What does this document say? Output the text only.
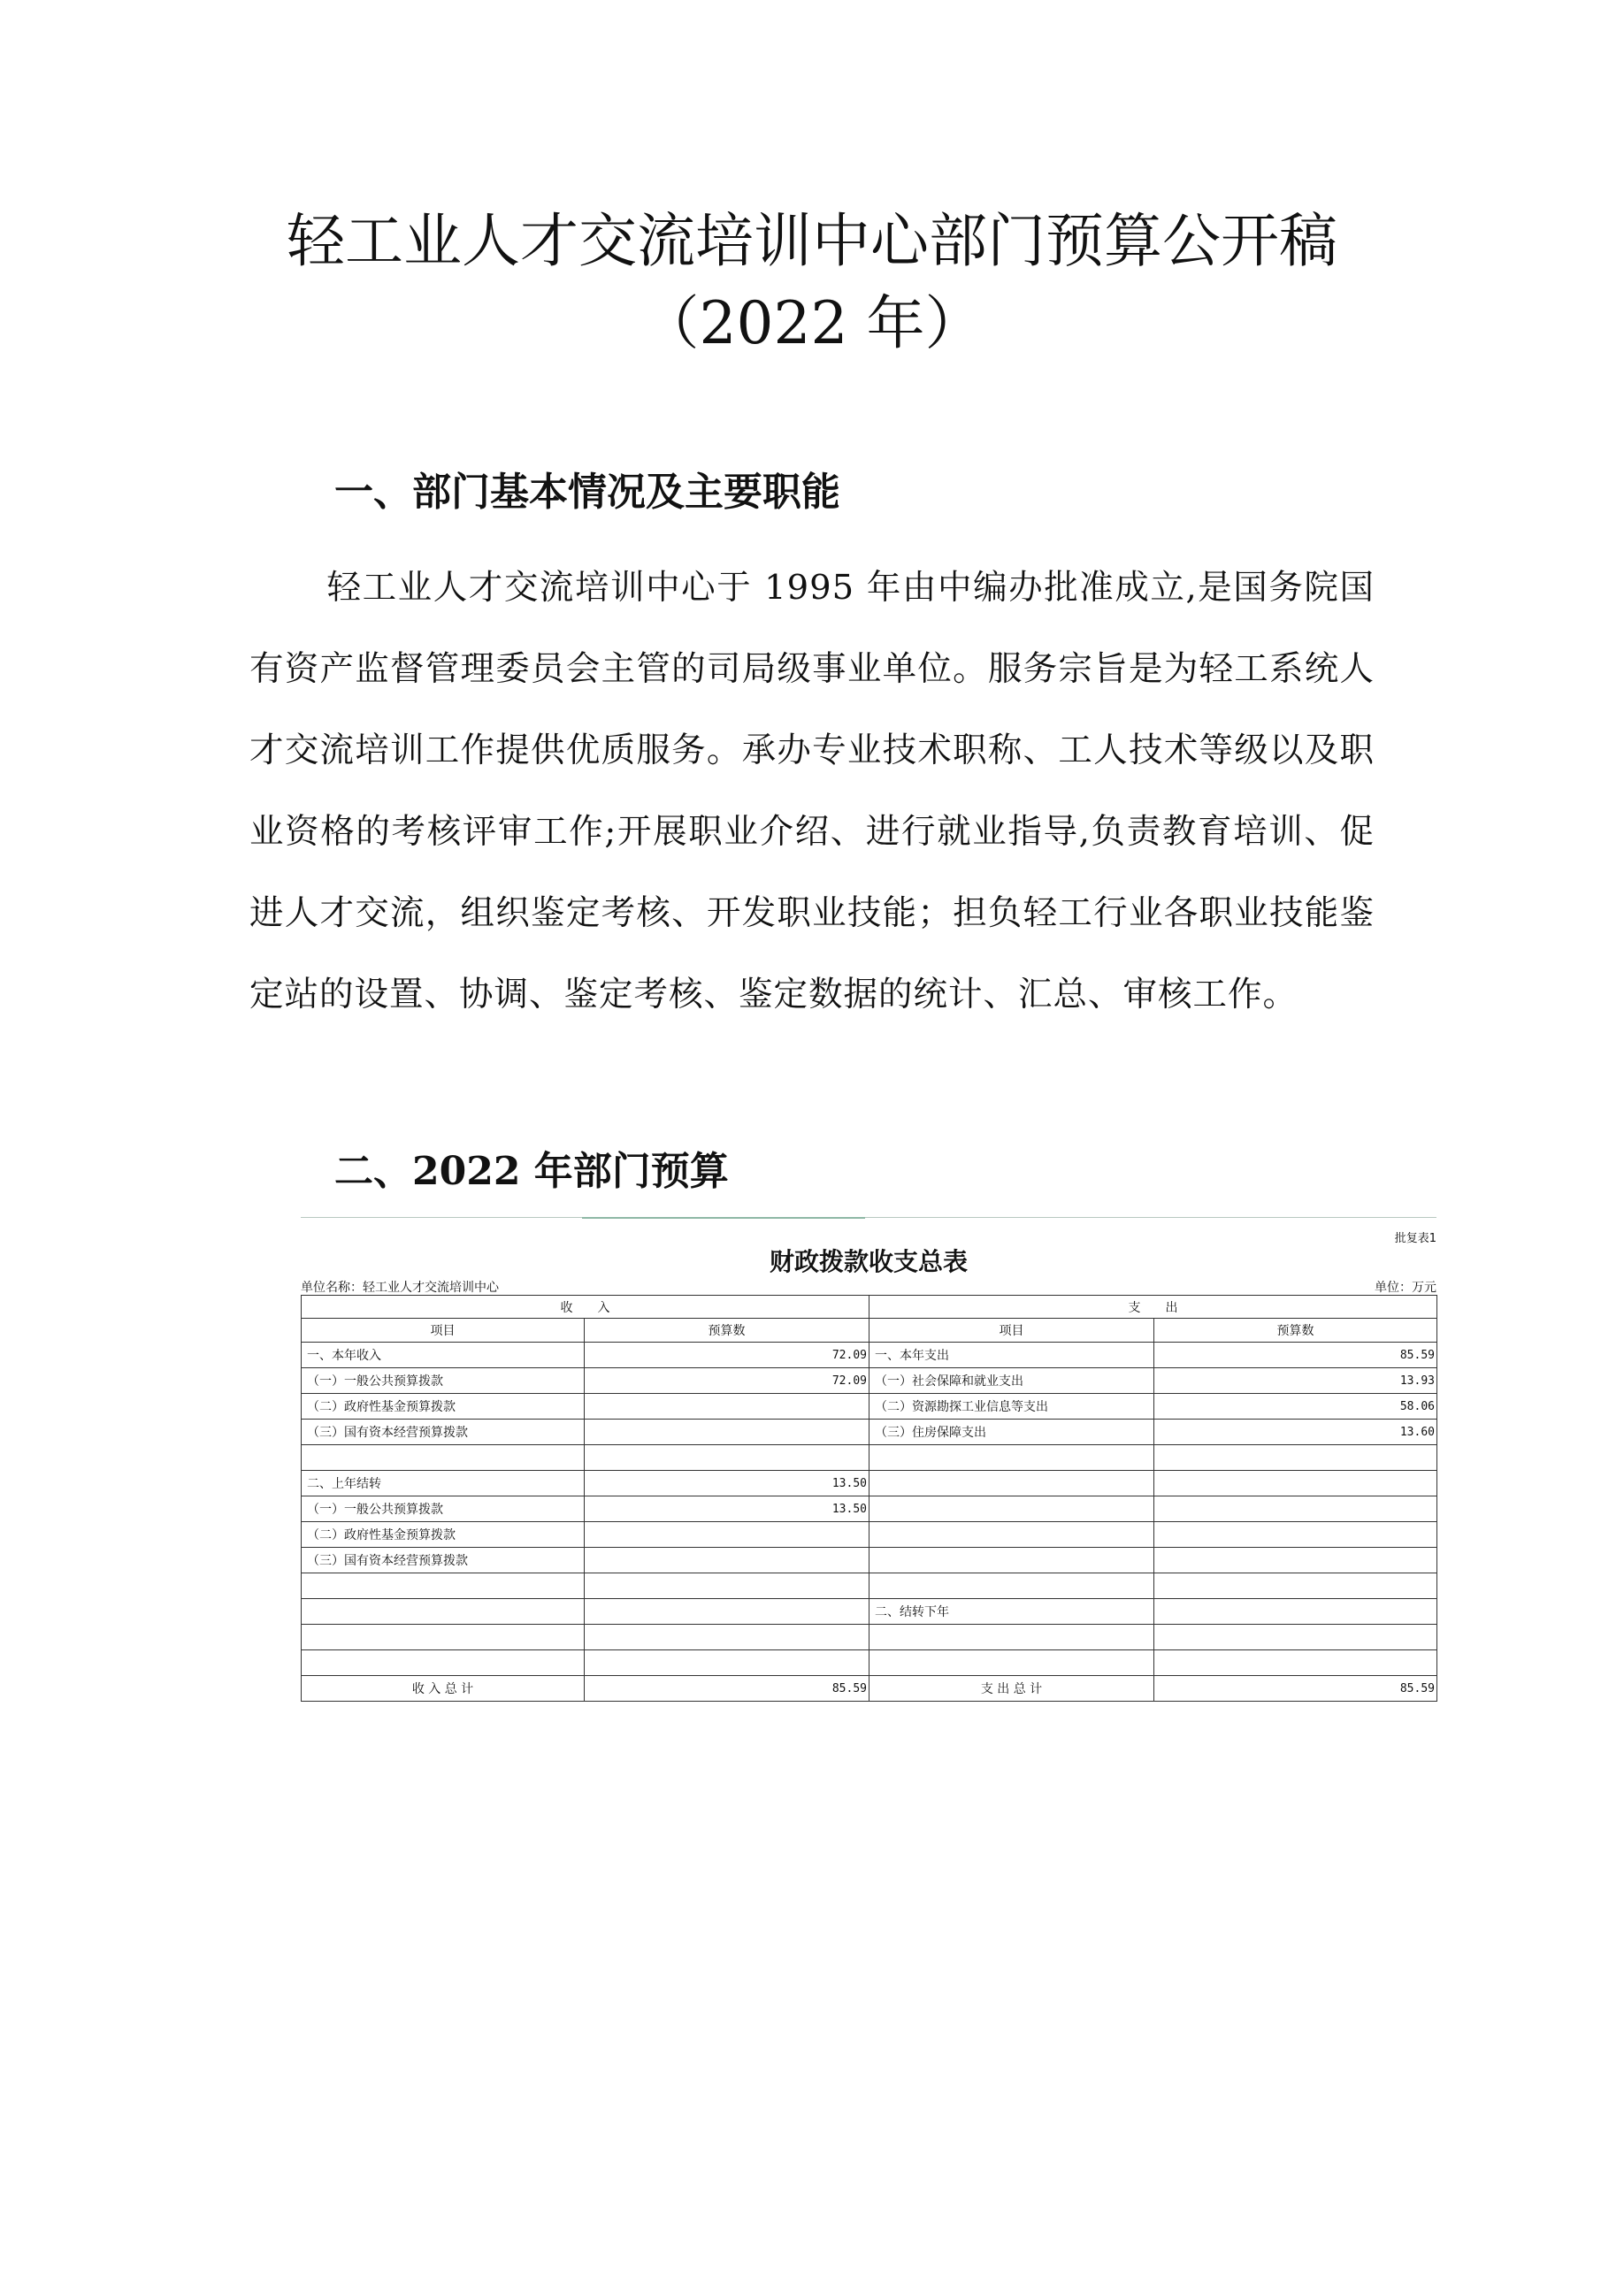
轻工业人才交流培训中心部门预算公开稿
（2022 年）
一、部门基本情况及主要职能
轻工业人才交流培训中心于 1995 年由中编办批准成立,是国务院国有资产监督管理委员会主管的司局级事业单位。服务宗旨是为轻工系统人才交流培训工作提供优质服务。承办专业技术职称、工人技术等级以及职业资格的考核评审工作;开展职业介绍、进行就业指导,负责教育培训、促进人才交流，组织鉴定考核、开发职业技能；担负轻工行业各职业技能鉴定站的设置、协调、鉴定考核、鉴定数据的统计、汇总、审核工作。
二、2022 年部门预算
批复表1
财政拨款收支总表
单位名称：轻工业人才交流培训中心	单位：万元
收　　入		支　　出	
项目	预算数	项目	预算数
一、本年收入	72.09	一、本年支出	85.59
（一）一般公共预算拨款	72.09	（一）社会保障和就业支出	13.93
（二）政府性基金预算拨款		（二）资源勘探工业信息等支出	58.06
（三）国有资本经营预算拨款		（三）住房保障支出	13.60

二、上年结转	13.50		
（一）一般公共预算拨款	13.50		
（二）政府性基金预算拨款			
（三）国有资本经营预算拨款			

		二、结转下年	

收 入 总 计	85.59	支 出 总 计	85.59
